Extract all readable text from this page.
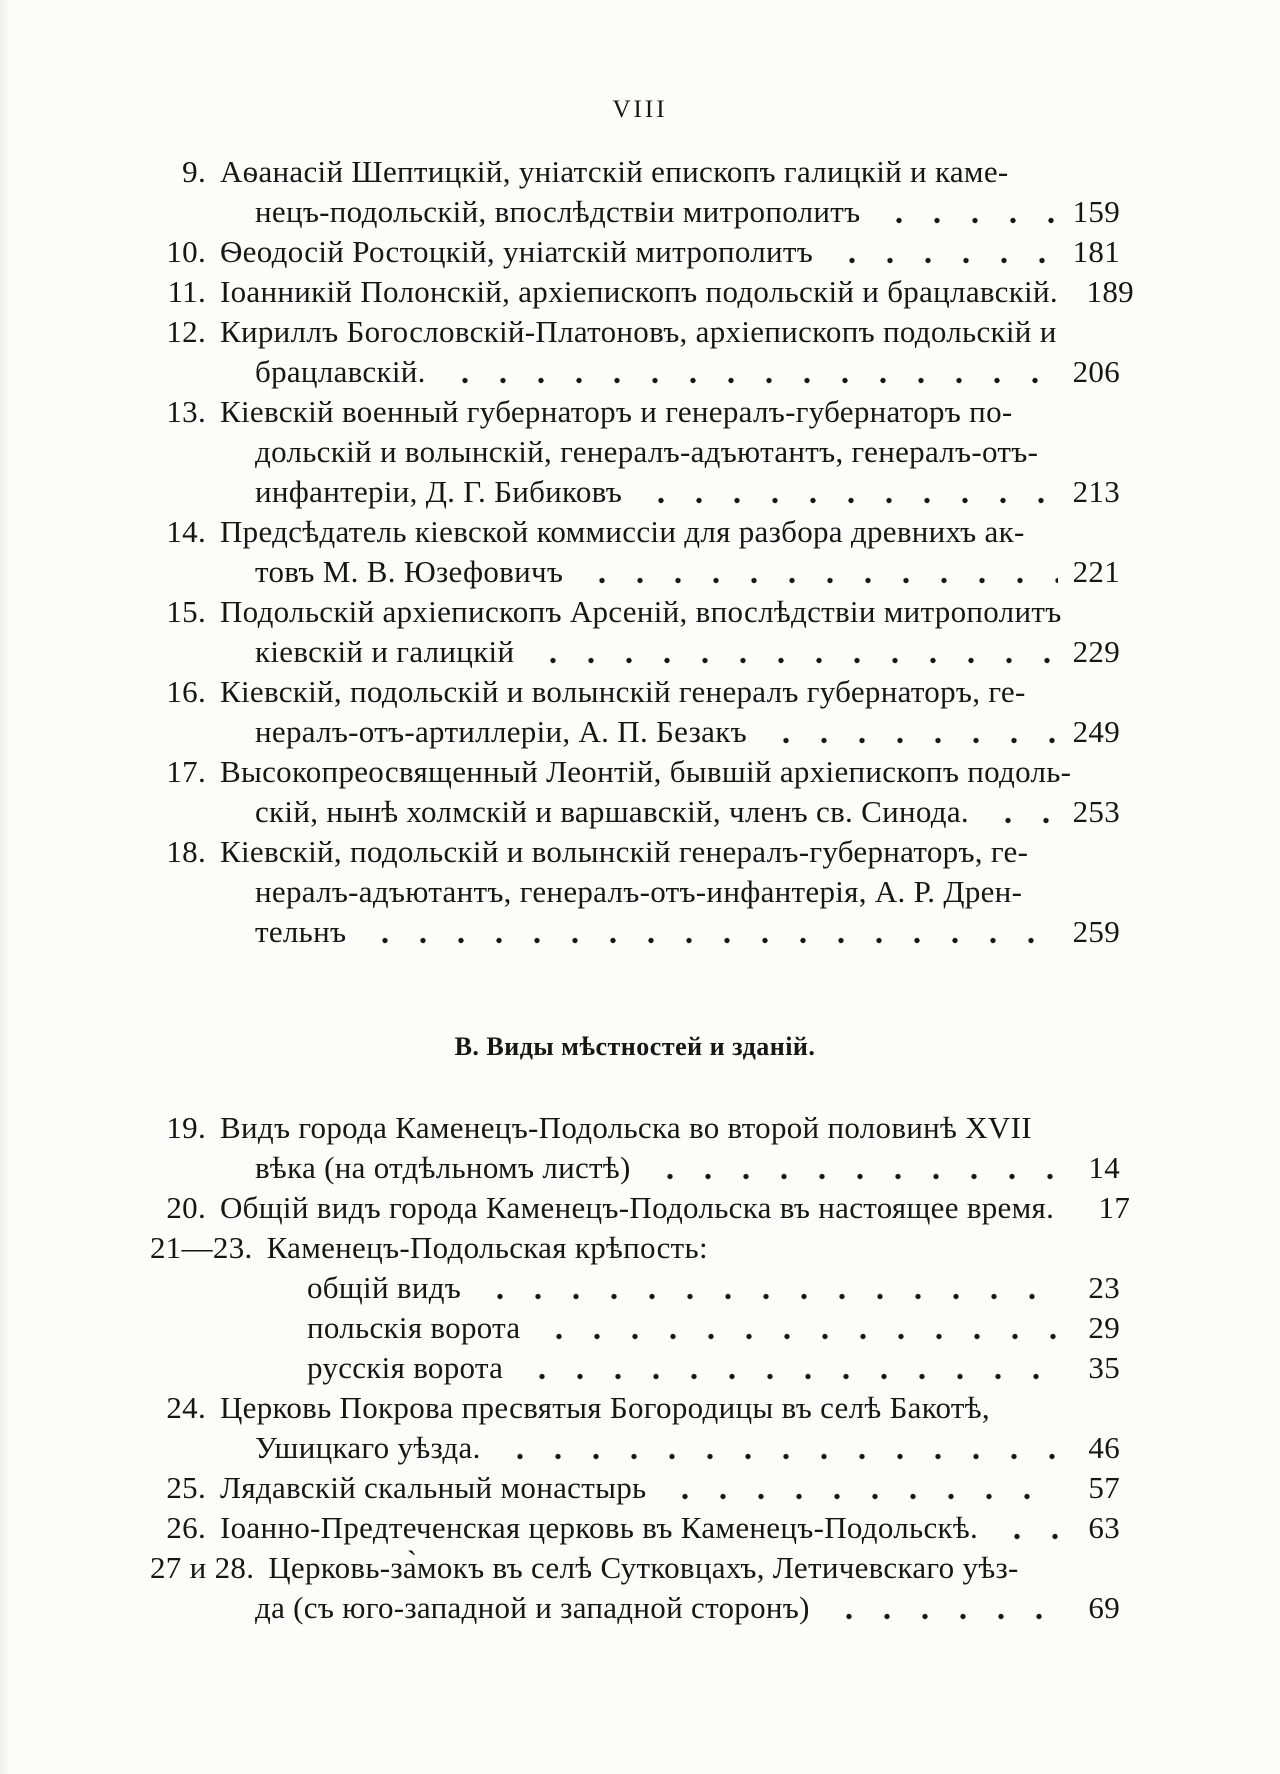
VIII
9. Аѳанасій Шептицкій, уніатскій епископъ галицкій и каме-
нецъ-подольскій, впослѣдствіи митрополитъ	159
10. Ѳеодосій Ростоцкій, уніатскій митрополитъ	181
11. Іоанникій Полонскій, архіепископъ подольскій и брацлавскій. 189
12. Кириллъ Богословскій-Платоновъ, архіепископъ подольскій и
брацлавскій.	206
13. Кіевскій военный губернаторъ и генералъ-губернаторъ по-
дольскій и волынскій, генералъ-адъютантъ, генералъ-отъ-
инфантеріи, Д. Г. Бибиковъ	213
14. Предсѣдатель кіевской коммиссіи для разбора древнихъ ак-
товъ М. В. Юзефовичъ	221
15. Подольскій архіепископъ Арсеній, впослѣдствіи митрополитъ
кіевскій и галицкій	229
16. Кіевскій, подольскій и волынскій генералъ губернаторъ, ге-
нералъ-отъ-артиллеріи, А. П. Безакъ	249
17. Высокопреосвященный Леонтій, бывшій архіепископъ подоль-
скій, нынѣ холмскій и варшавскій, членъ св. Синода.	253
18. Кіевскій, подольскій и волынскій генералъ-губернаторъ, ге-
нералъ-адъютантъ, генералъ-отъ-инфантерія, А. Р. Дрен-
тельнъ	259
В. Виды мѣстностей и зданій.
19. Видъ города Каменецъ-Подольска во второй половинѣ XVII
вѣка (на отдѣльномъ листѣ)	14
20. Общій видъ города Каменецъ-Подольска въ настоящее время.	17
21—23. Каменецъ-Подольская крѣпость:
общій видъ	23
польскія ворота	29
русскія ворота	35
24. Церковь Покрова пресвятыя Богородицы въ селѣ Бакотѣ,
Ушицкаго уѣзда.	46
25. Лядавскій скальный монастырь	57
26. Іоанно-Предтеченская церковь въ Каменецъ-Подольскѣ.	63
27 и 28. Церковь-за̀мокъ въ селѣ Сутковцахъ, Летичевскаго уѣз-
да (съ юго-западной и западной сторонъ)	69
